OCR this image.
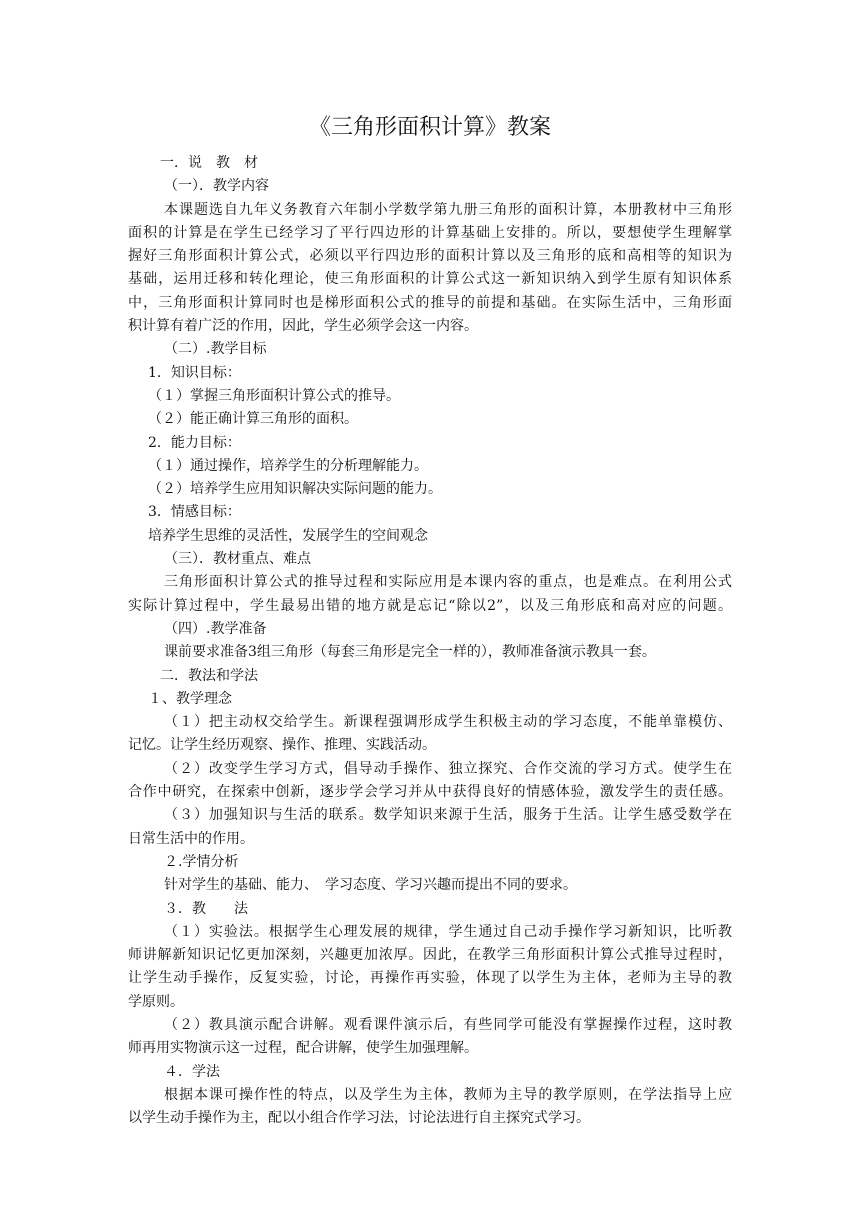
《三角形面积计算》教案
一．说　教　材
（一）．教学内容
本课题选自九年义务教育六年制小学数学第九册三角形的面积计算，本册教材中三角形
面积的计算是在学生已经学习了平行四边形的计算基础上安排的。所以，要想使学生理解掌
握好三角形面积计算公式，必须以平行四边形的面积计算以及三角形的底和高相等的知识为
基础，运用迁移和转化理论，使三角形面积的计算公式这一新知识纳入到学生原有知识体系
中，三角形面积计算同时也是梯形面积公式的推导的前提和基础。在实际生活中，三角形面
积计算有着广泛的作用，因此，学生必须学会这一内容。
（二）.教学目标
1．知识目标：
（１）掌握三角形面积计算公式的推导。
（２）能正确计算三角形的面积。
2．能力目标：
（１）通过操作，培养学生的分析理解能力。
（２）培养学生应用知识解决实际问题的能力。
3．情感目标：
培养学生思维的灵活性，发展学生的空间观念
（三）．教材重点、难点
三角形面积计算公式的推导过程和实际应用是本课内容的重点，也是难点。在利用公式
实际计算过程中，学生最易出错的地方就是忘记“除以2”，以及三角形底和高对应的问题。
（四）.教学准备
课前要求准备3组三角形（每套三角形是完全一样的），教师准备演示教具一套。
二．教法和学法
１、教学理念
（１）把主动权交给学生。新课程强调形成学生积极主动的学习态度，不能单靠模仿、
记忆。让学生经历观察、操作、推理、实践活动。
（２）改变学生学习方式，倡导动手操作、独立探究、合作交流的学习方式。使学生在
合作中研究，在探索中创新，逐步学会学习并从中获得良好的情感体验，激发学生的责任感。
（３）加强知识与生活的联系。数学知识来源于生活，服务于生活。让学生感受数学在
日常生活中的作用。
２.学情分析
针对学生的基础、能力、　学习态度、学习兴趣而提出不同的要求。
３．教　　法
（１）实验法。根据学生心理发展的规律，学生通过自己动手操作学习新知识，比听教
师讲解新知识记忆更加深刻，兴趣更加浓厚。因此，在教学三角形面积计算公式推导过程时，
让学生动手操作，反复实验，讨论，再操作再实验，体现了以学生为主体，老师为主导的教
学原则。
（２）教具演示配合讲解。观看课件演示后，有些同学可能没有掌握操作过程，这时教
师再用实物演示这一过程，配合讲解，使学生加强理解。
４．学法
根据本课可操作性的特点，以及学生为主体，教师为主导的教学原则，在学法指导上应
以学生动手操作为主，配以小组合作学习法，讨论法进行自主探究式学习。
